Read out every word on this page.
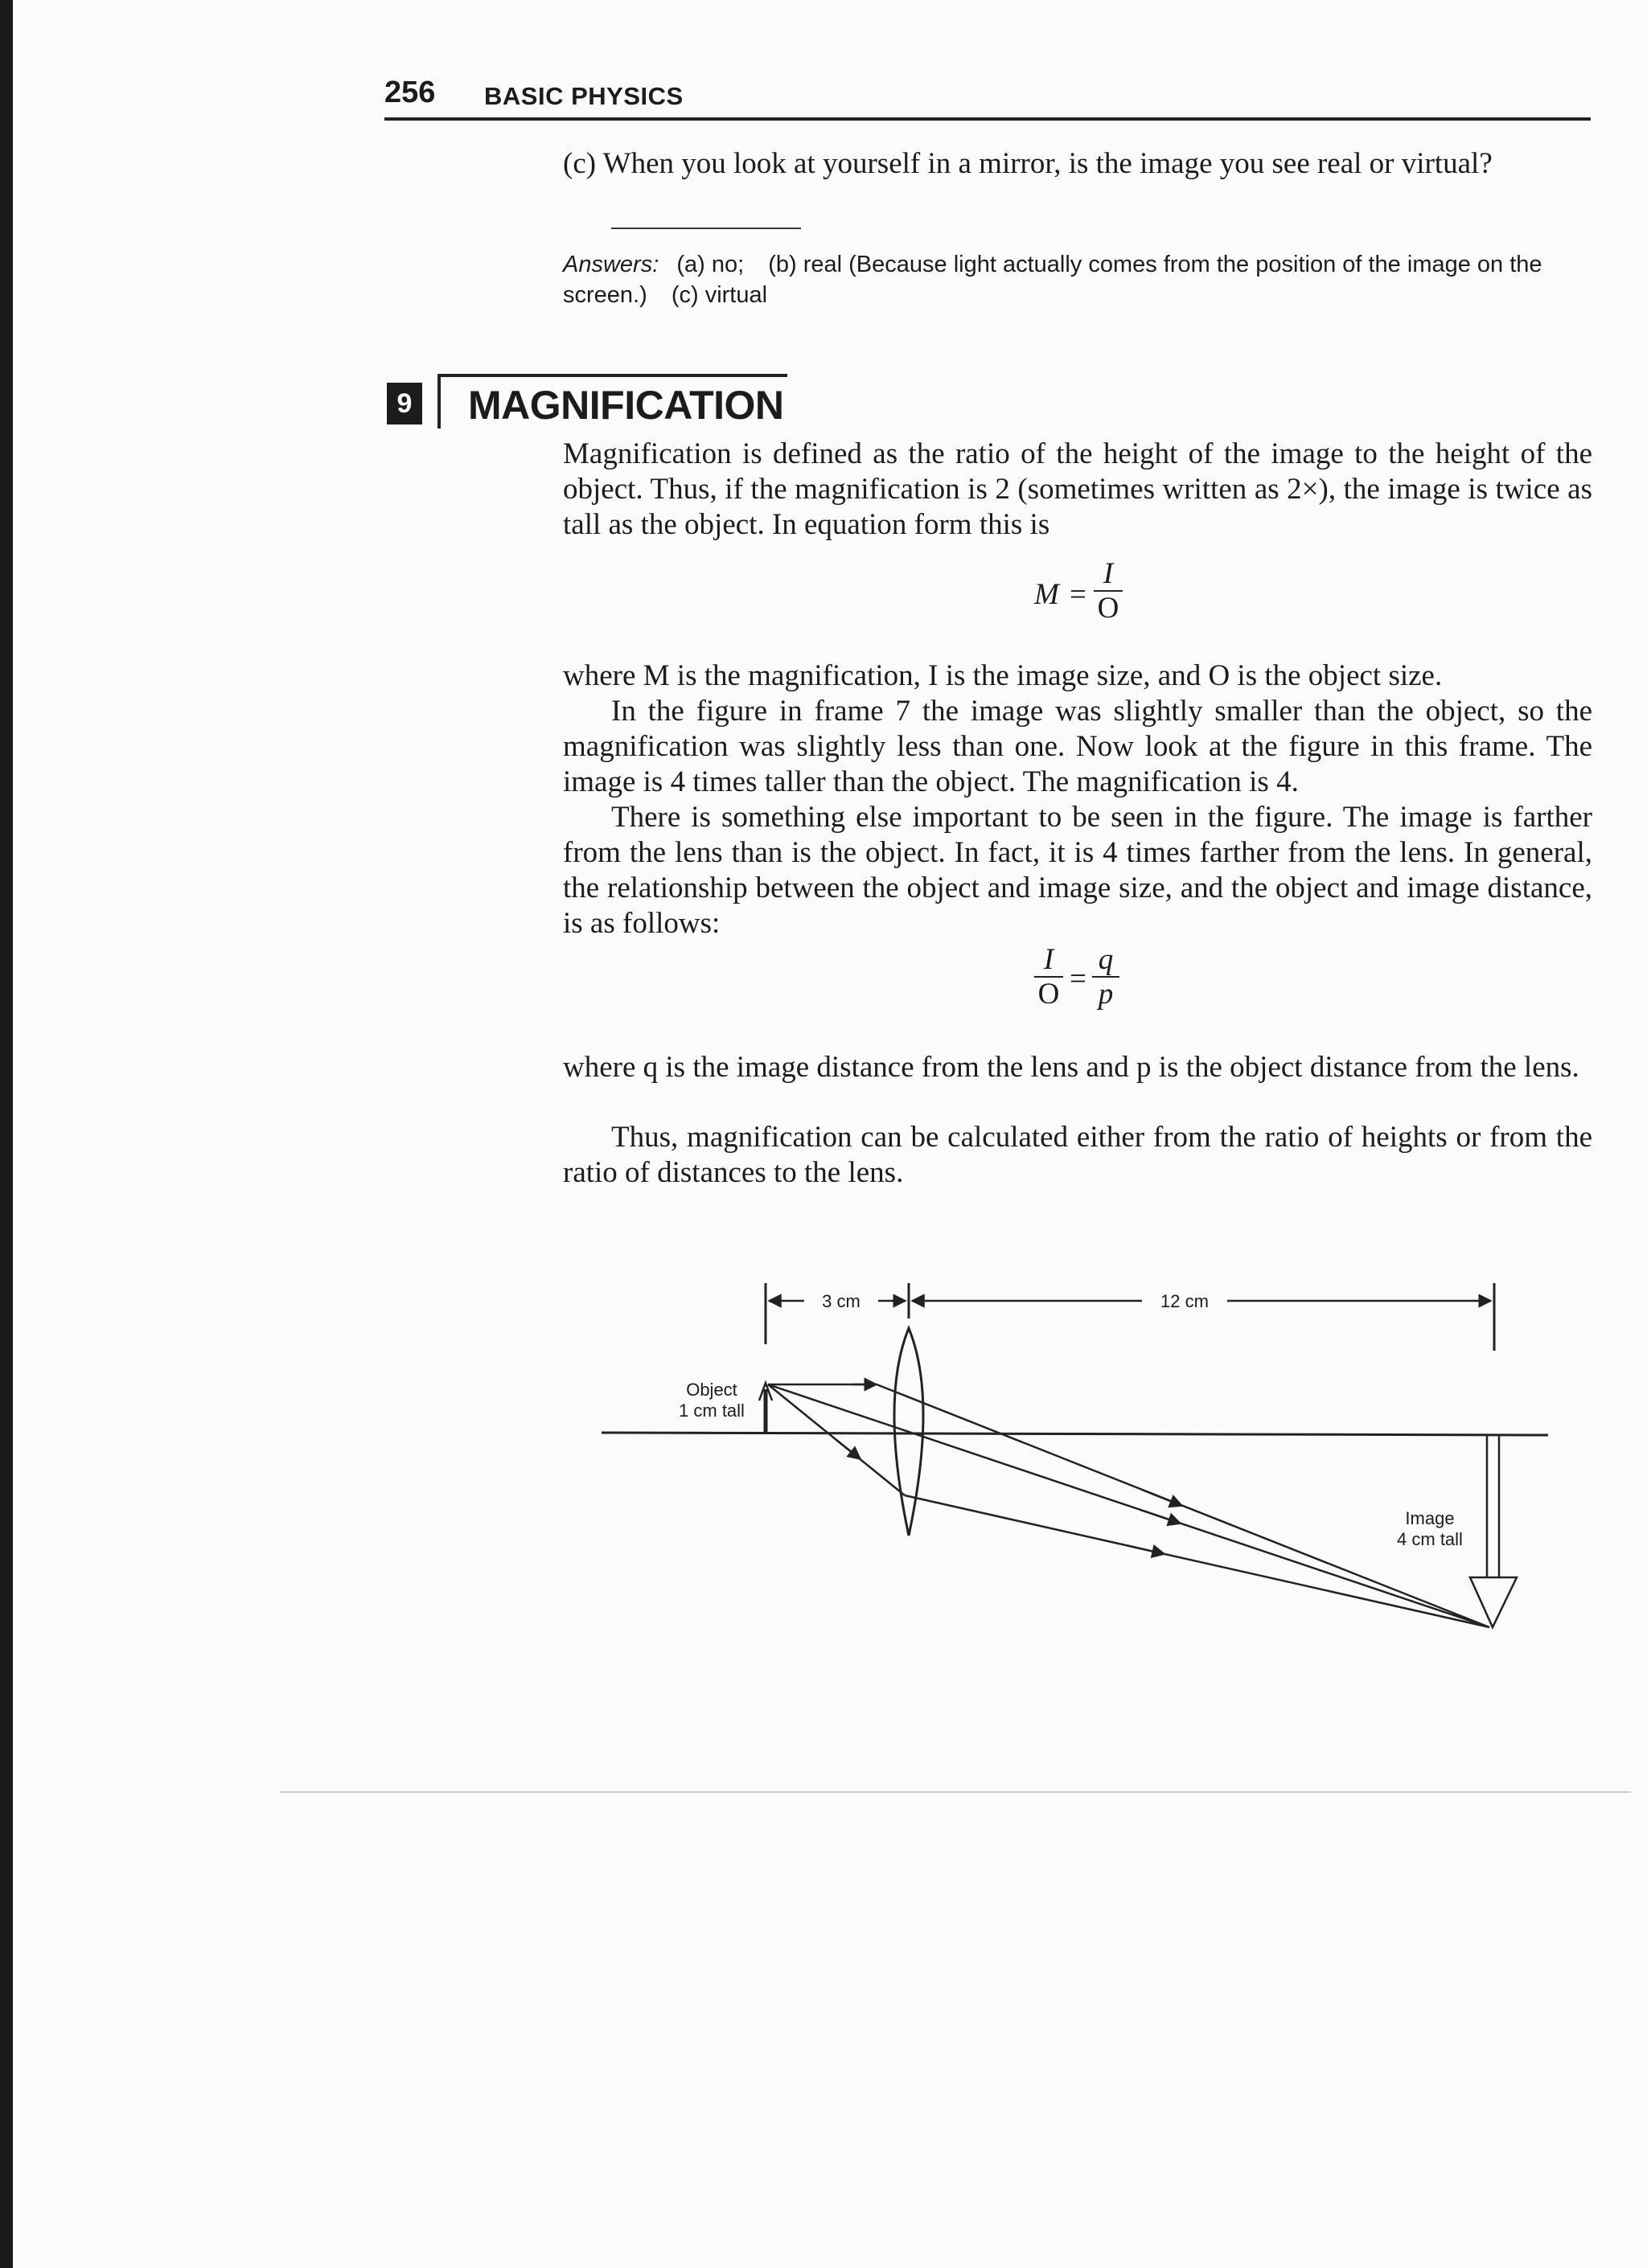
256 BASIC PHYSICS
(c) When you look at yourself in a mirror, is the image you see real or virtual?
Answers: (a) no; (b) real (Because light actually comes from the position of the image on the screen.) (c) virtual
9	MAGNIFICATION

Magnification is defined as the ratio of the height of the image to the height of the object. Thus, if the magnification is 2 (sometimes written as 2×), the image is twice as tall as the object. In equation form this is

$M = \frac{I}{O}$

where M is the magnification, I is the image size, and O is the object size.

In the figure in frame 7 the image was slightly smaller than the object, so the magnification was slightly less than one. Now look at the figure in this frame. The image is 4 times taller than the object. The magnification is 4.

There is something else important to be seen in the figure. The image is farther from the lens than is the object. In fact, it is 4 times farther from the lens. In general, the relationship between the object and image size, and the object and image distance, is as follows:

$\frac{I}{O} = \frac{q}{p}$

where q is the image distance from the lens and p is the object distance from the lens.

Thus, magnification can be calculated either from the ratio of heights or from the ratio of distances to the lens.

3 cm	12 cm
Object
1 cm tall
Image
4 cm tall
